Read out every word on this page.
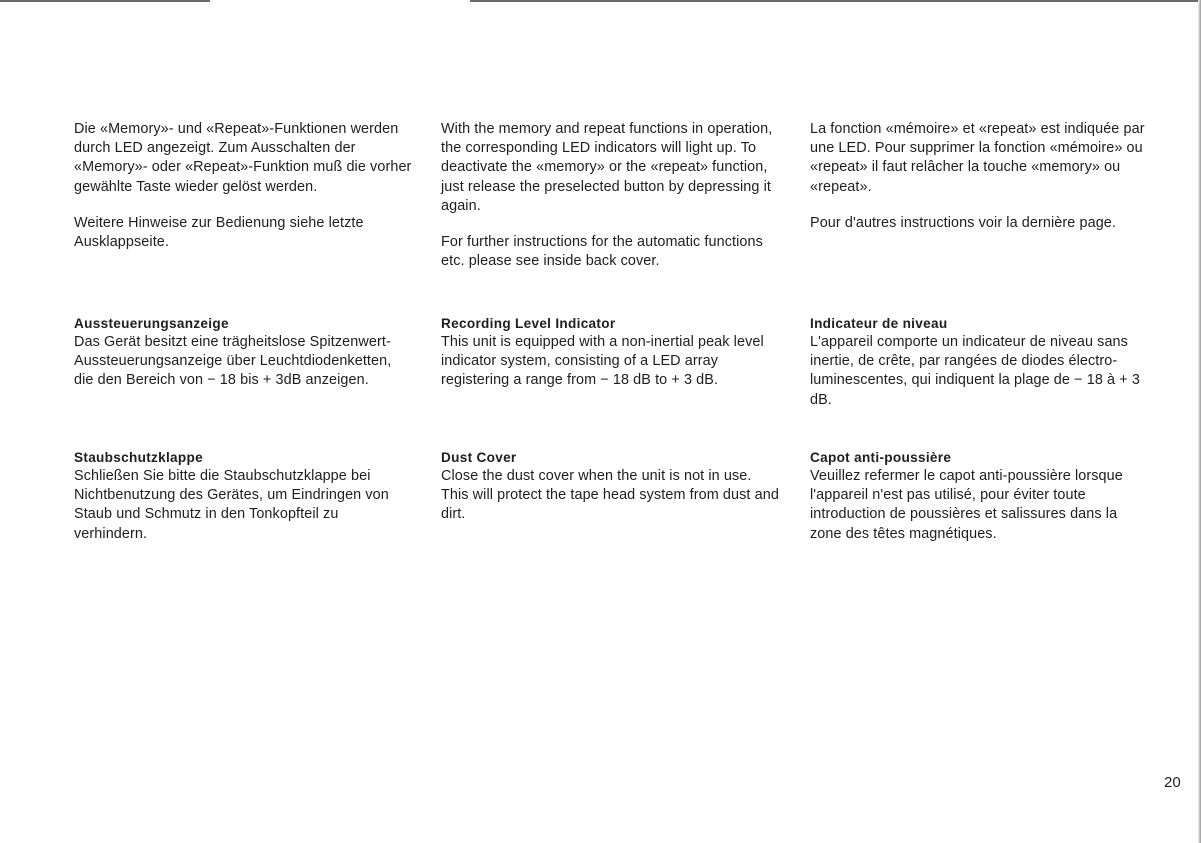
Die «Memory»- und «Repeat»-Funktionen werden durch LED angezeigt. Zum Ausschalten der «Memory»- oder «Repeat»-Funktion muß die vorher gewählte Taste wieder gelöst werden.

Weitere Hinweise zur Bedienung siehe letzte Ausklappseite.

Aussteuerungsanzeige

Das Gerät besitzt eine trägheitslose Spitzenwert-Aussteuerungsanzeige über Leuchtdiodenketten, die den Bereich von − 18 bis + 3dB anzeigen.

Staubschutzklappe

Schließen Sie bitte die Staubschutzklappe bei Nichtbenutzung des Gerätes, um Eindringen von Staub und Schmutz in den Tonkopfteil zu verhindern.

With the memory and repeat functions in operation, the corresponding LED indicators will light up. To deactivate the «memory» or the «repeat» function, just release the preselected button by depressing it again.

For further instructions for the automatic functions etc. please see inside back cover.

Recording Level Indicator

This unit is equipped with a non-inertial peak level indicator system, consisting of a LED array registering a range from − 18 dB to + 3 dB.

Dust Cover

Close the dust cover when the unit is not in use. This will protect the tape head system from dust and dirt.

La fonction «mémoire» et «repeat» est indiquée par une LED. Pour supprimer la fonction «mémoire» ou «repeat» il faut relâcher la touche «memory» ou «repeat».

Pour d'autres instructions voir la dernière page.

Indicateur de niveau

L'appareil comporte un indicateur de niveau sans inertie, de crête, par rangées de diodes électro-luminescentes, qui indiquent la plage de − 18 à + 3 dB.

Capot anti-poussière

Veuillez refermer le capot anti-poussière lorsque l'appareil n'est pas utilisé, pour éviter toute introduction de poussières et salissures dans la zone des têtes magnétiques.

20
